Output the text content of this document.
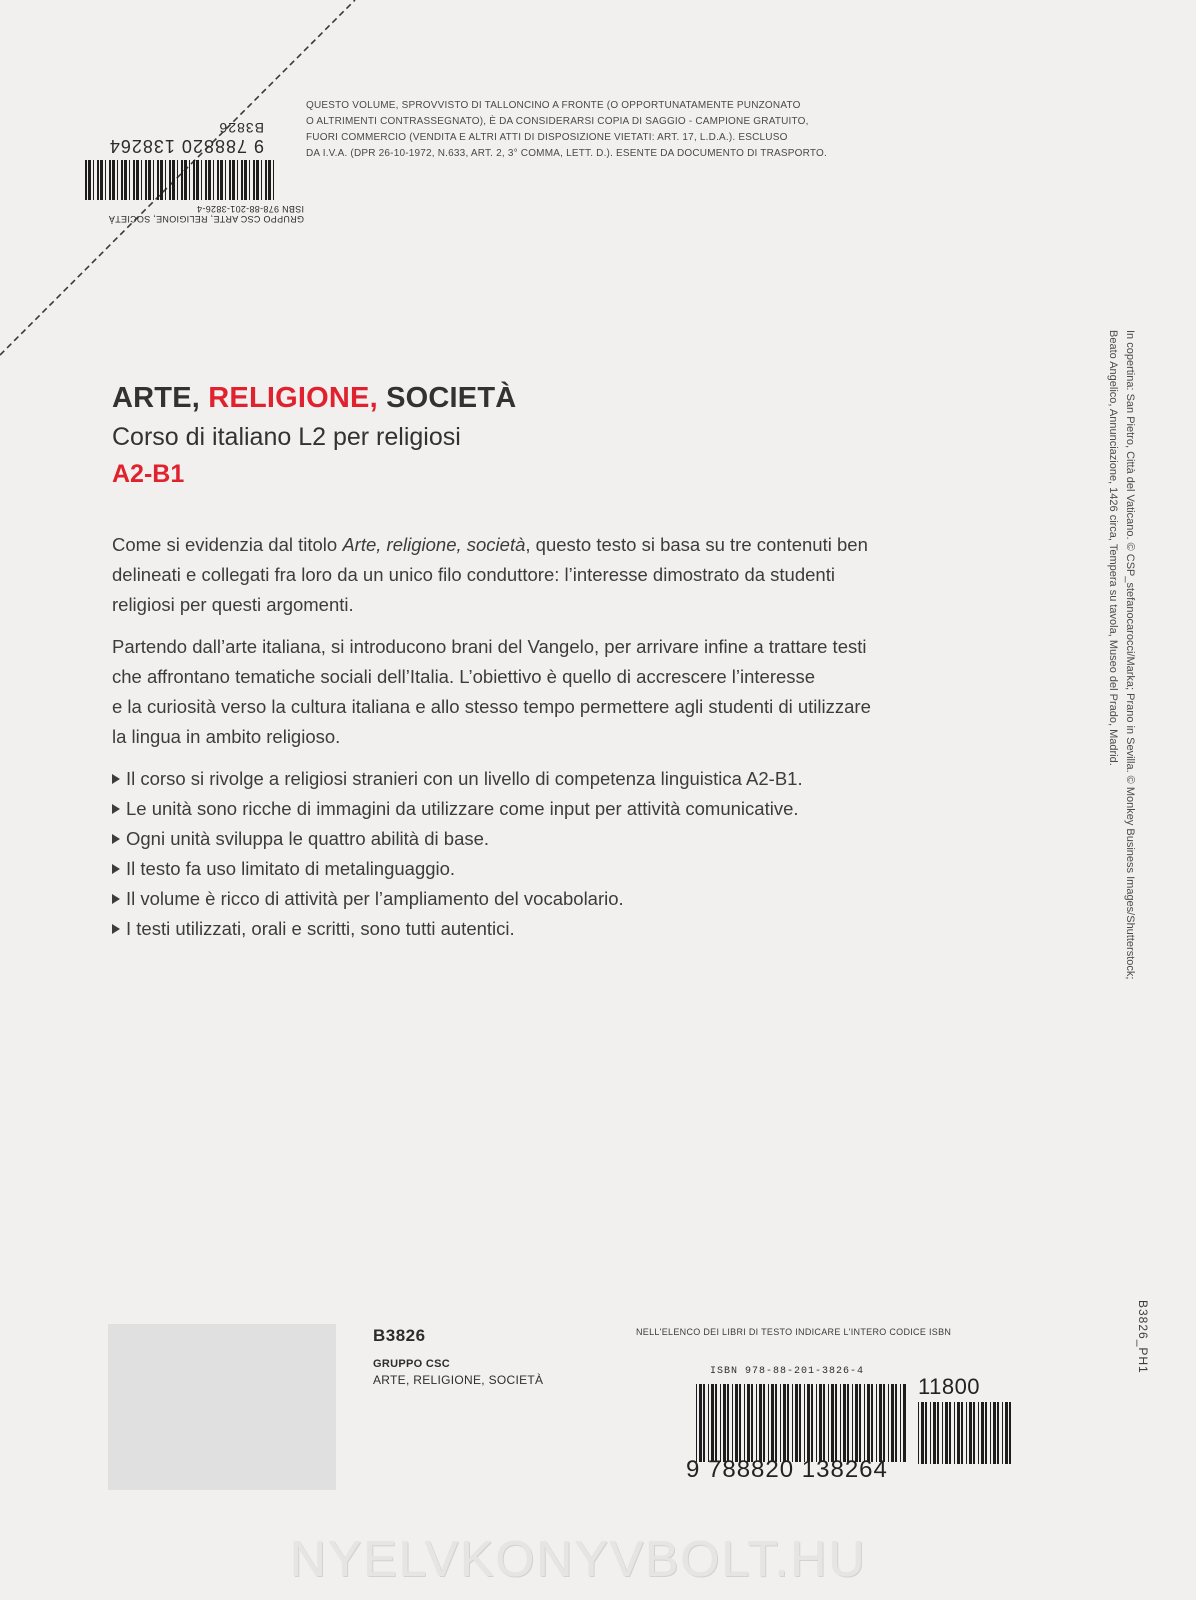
GRUPPO CSC ARTE, RELIGIONE, SOCIETÀ
ISBN 978-88-201-3826-4
9 788820 138264
B3826
QUESTO VOLUME, SPROVVISTO DI TALLONCINO A FRONTE (O OPPORTUNATAMENTE PUNZONATO
O ALTRIMENTI CONTRASSEGNATO), È DA CONSIDERARSI COPIA DI SAGGIO - CAMPIONE GRATUITO,
FUORI COMMERCIO (VENDITA E ALTRI ATTI DI DISPOSIZIONE VIETATI: ART. 17, L.D.A.). ESCLUSO
DA I.V.A. (DPR 26-10-1972, N.633, ART. 2, 3° COMMA, LETT. D.). ESENTE DA DOCUMENTO DI TRASPORTO.
ARTE, RELIGIONE, SOCIETÀ
Corso di italiano L2 per religiosi
A2-B1
Come si evidenzia dal titolo Arte, religione, società, questo testo si basa su tre contenuti ben
delineati e collegati fra loro da un unico filo conduttore: l’interesse dimostrato da studenti
religiosi per questi argomenti.
Partendo dall’arte italiana, si introducono brani del Vangelo, per arrivare infine a trattare testi
che affrontano tematiche sociali dell’Italia. L’obiettivo è quello di accrescere l’interesse
e la curiosità verso la cultura italiana e allo stesso tempo permettere agli studenti di utilizzare
la lingua in ambito religioso.
Il corso si rivolge a religiosi stranieri con un livello di competenza linguistica A2-B1.
Le unità sono ricche di immagini da utilizzare come input per attività comunicative.
Ogni unità sviluppa le quattro abilità di base.
Il testo fa uso limitato di metalinguaggio.
Il volume è ricco di attività per l’ampliamento del vocabolario.
I testi utilizzati, orali e scritti, sono tutti autentici.	In copertina: San Pietro, Città del Vaticano. © CSP_stefanocarocci/Marka; Prano in Sevilla. © Monkey Business Images/Shutterstock;
Beato Angelico, Annunciazione, 1426 circa, Tempera su tavola, Museo del Prado, Madrid.
B3826_PH1
B3826
GRUPPO CSC
ARTE, RELIGIONE, SOCIETÀ
NELL'ELENCO DEI LIBRI DI TESTO INDICARE L'INTERO CODICE ISBN
ISBN 978-88-201-3826-4
11800
9 788820 138264
NYELVKONYVBOLT.HU
